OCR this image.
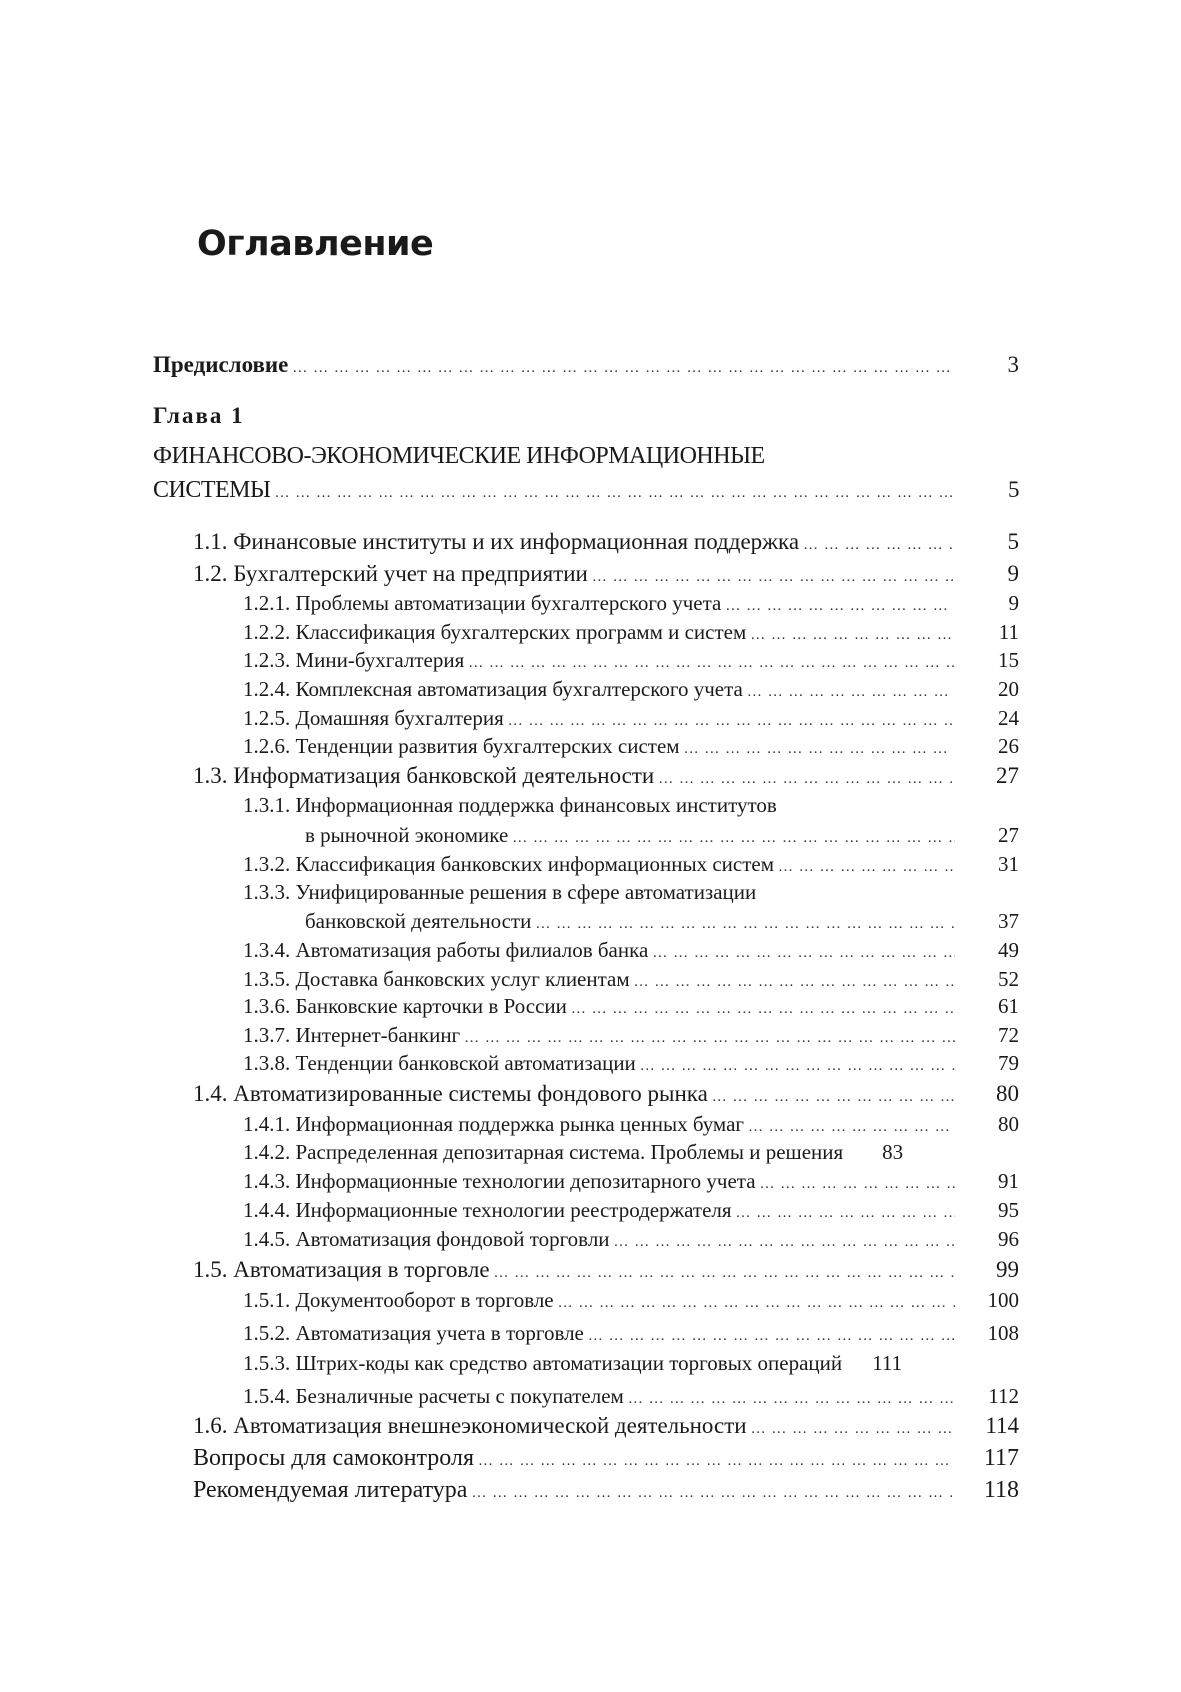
Оглавление
Предисловие … … … … … … … … … … … … … … … … … … … … … … … … … … … … … … … … … … … … … … … … … … … … … … …	3
Глава 1
ФИНАНСОВО-ЭКОНОМИЧЕСКИЕ ИНФОРМАЦИОННЫЕ
СИСТЕМЫ … … … … … … … … … … … … … … … … … … … … … … … … … … … … … … … … … … … … … … … … … … … … … … …	5
1.1. Финансовые институты и их информационная поддержка … … … … … … … … … … … … … … … … … … … … … … … … … … … … … … … … … … … … … … … … … … … … … … …	5
1.2. Бухгалтерский учет на предприятии … … … … … … … … … … … … … … … … … … … … … … … … … … … … … … … … … … … … … … … … … … … … … … …	9
1.2.1. Проблемы автоматизации бухгалтерского учета … … … … … … … … … … … … … … … … … … … … … … … … … … … … … … … … … … … … … … … … … … … … … … …	9
1.2.2. Классификация бухгалтерских программ и систем … … … … … … … … … … … … … … … … … … … … … … … … … … … … … … … … … … … … … … … … … … … … … … …	11
1.2.3. Мини-бухгалтерия … … … … … … … … … … … … … … … … … … … … … … … … … … … … … … … … … … … … … … … … … … … … … … …	15
1.2.4. Комплексная автоматизация бухгалтерского учета … … … … … … … … … … … … … … … … … … … … … … … … … … … … … … … … … … … … … … … … … … … … … … …	20
1.2.5. Домашняя бухгалтерия … … … … … … … … … … … … … … … … … … … … … … … … … … … … … … … … … … … … … … … … … … … … … … …	24
1.2.6. Тенденции развития бухгалтерских систем … … … … … … … … … … … … … … … … … … … … … … … … … … … … … … … … … … … … … … … … … … … … … … …	26
1.3. Информатизация банковской деятельности … … … … … … … … … … … … … … … … … … … … … … … … … … … … … … … … … … … … … … … … … … … … … … …	27
1.3.1. Информационная поддержка финансовых институтов
в рыночной экономике … … … … … … … … … … … … … … … … … … … … … … … … … … … … … … … … … … … … … … … … … … … … … … …	27
1.3.2. Классификация банковских информационных систем … … … … … … … … … … … … … … … … … … … … … … … … … … … … … … … … … … … … … … … … … … … … … … …	31
1.3.3. Унифицированные решения в сфере автоматизации
банковской деятельности … … … … … … … … … … … … … … … … … … … … … … … … … … … … … … … … … … … … … … … … … … … … … … …	37
1.3.4. Автоматизация работы филиалов банка … … … … … … … … … … … … … … … … … … … … … … … … … … … … … … … … … … … … … … … … … … … … … … …	49
1.3.5. Доставка банковских услуг клиентам … … … … … … … … … … … … … … … … … … … … … … … … … … … … … … … … … … … … … … … … … … … … … … …	52
1.3.6. Банковские карточки в России … … … … … … … … … … … … … … … … … … … … … … … … … … … … … … … … … … … … … … … … … … … … … … …	61
1.3.7. Интернет-банкинг … … … … … … … … … … … … … … … … … … … … … … … … … … … … … … … … … … … … … … … … … … … … … … …	72
1.3.8. Тенденции банковской автоматизации … … … … … … … … … … … … … … … … … … … … … … … … … … … … … … … … … … … … … … … … … … … … … … …	79
1.4. Автоматизированные системы фондового рынка … … … … … … … … … … … … … … … … … … … … … … … … … … … … … … … … … … … … … … … … … … … … … … …	80
1.4.1. Информационная поддержка рынка ценных бумаг … … … … … … … … … … … … … … … … … … … … … … … … … … … … … … … … … … … … … … … … … … … … … … …	80
1.4.2. Распределенная депозитарная система. Проблемы и решения	83
1.4.3. Информационные технологии депозитарного учета … … … … … … … … … … … … … … … … … … … … … … … … … … … … … … … … … … … … … … … … … … … … … … …	91
1.4.4. Информационные технологии реестродержателя … … … … … … … … … … … … … … … … … … … … … … … … … … … … … … … … … … … … … … … … … … … … … … …	95
1.4.5. Автоматизация фондовой торговли … … … … … … … … … … … … … … … … … … … … … … … … … … … … … … … … … … … … … … … … … … … … … … …	96
1.5. Автоматизация в торговле … … … … … … … … … … … … … … … … … … … … … … … … … … … … … … … … … … … … … … … … … … … … … … …	99
1.5.1. Документооборот в торговле … … … … … … … … … … … … … … … … … … … … … … … … … … … … … … … … … … … … … … … … … … … … … … …	100
1.5.2. Автоматизация учета в торговле … … … … … … … … … … … … … … … … … … … … … … … … … … … … … … … … … … … … … … … … … … … … … … …	108
1.5.3. Штрих-коды как средство автоматизации торговых операций	111
1.5.4. Безналичные расчеты с покупателем … … … … … … … … … … … … … … … … … … … … … … … … … … … … … … … … … … … … … … … … … … … … … … …	112
1.6. Автоматизация внешнеэкономической деятельности … … … … … … … … … … … … … … … … … … … … … … … … … … … … … … … … … … … … … … … … … … … … … … …	114
Вопросы для самоконтроля … … … … … … … … … … … … … … … … … … … … … … … … … … … … … … … … … … … … … … … … … … … … … … …	117
Рекомендуемая литература … … … … … … … … … … … … … … … … … … … … … … … … … … … … … … … … … … … … … … … … … … … … … … …	118
